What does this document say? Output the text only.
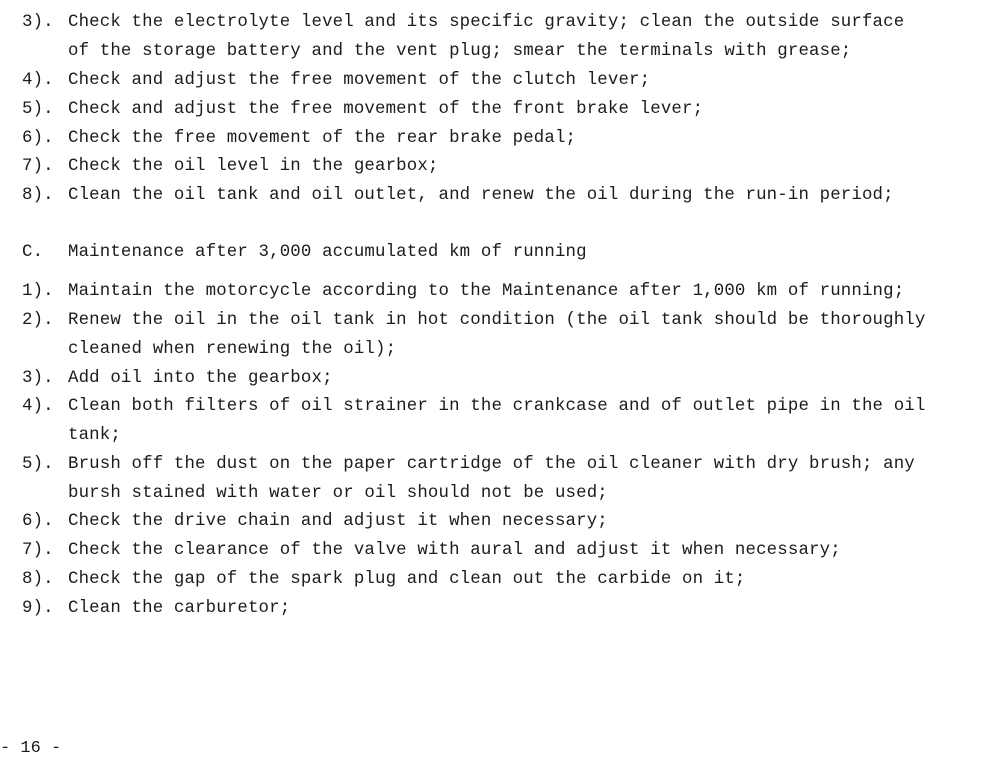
3). Check the electrolyte level and its specific gravity; clean the outside surface
of the storage battery and the vent plug; smear the terminals with grease;
4). Check and adjust the free movement of the clutch lever;
5). Check and adjust the free movement of the front brake lever;
6). Check the free movement of the rear brake pedal;
7). Check the oil level in the gearbox;
8). Clean the oil tank and oil outlet, and renew the oil during the run-in period;
C. Maintenance after 3,000 accumulated km of running
1). Maintain the motorcycle according to the Maintenance after 1,000 km of running;
2). Renew the oil in the oil tank in hot condition (the oil tank should be thoroughly
cleaned when renewing the oil);
3). Add oil into the gearbox;
4). Clean both filters of oil strainer in the crankcase and of outlet pipe in the oil
tank;
5). Brush off the dust on the paper cartridge of the oil cleaner with dry brush; any
bursh stained with water or oil should not be used;
6). Check the drive chain and adjust it when necessary;
7). Check the clearance of the valve with aural and adjust it when necessary;
8). Check the gap of the spark plug and clean out the carbide on it;
9). Clean the carburetor;
- 16 -
